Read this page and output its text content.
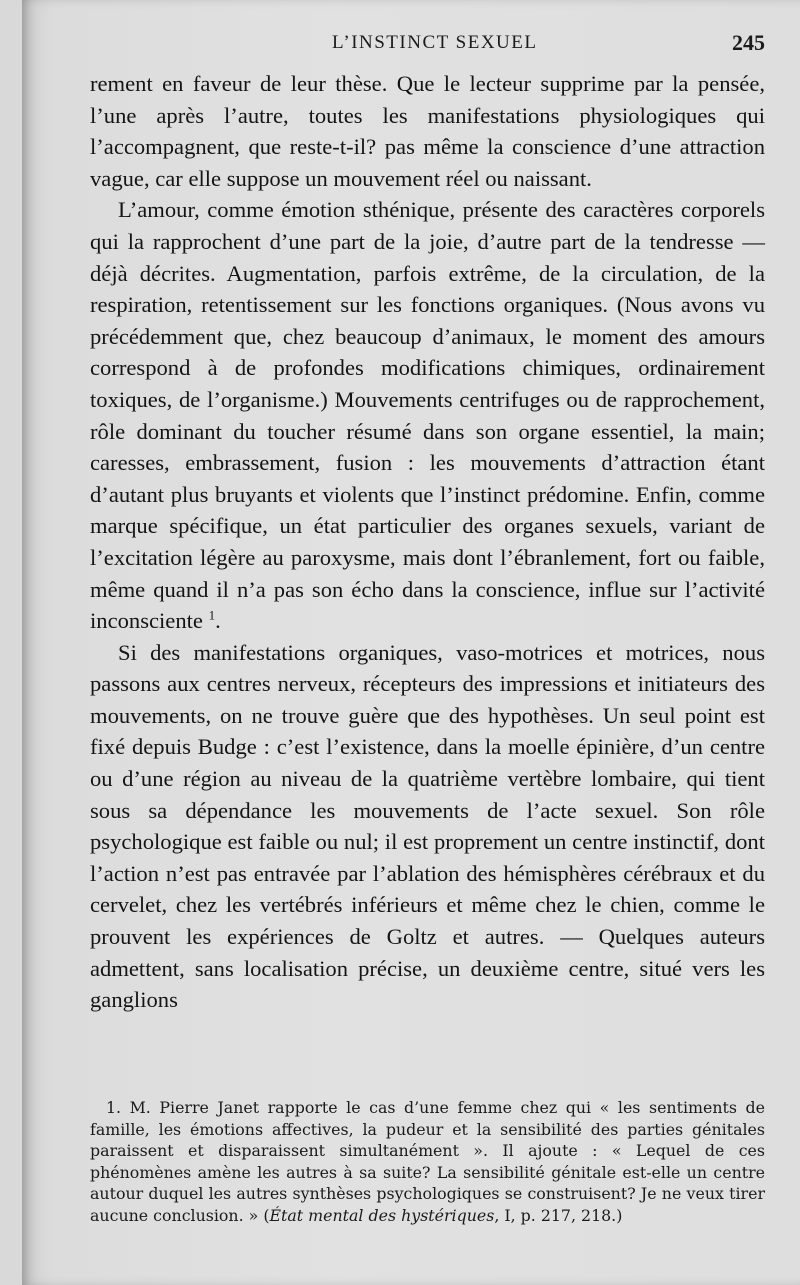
L’INSTINCT SEXUEL	245

rement en faveur de leur thèse. Que le lecteur supprime par la pensée, l’une après l’autre, toutes les manifestations physiologiques qui l’accompagnent, que reste-t-il? pas même la conscience d’une attraction vague, car elle suppose un mouvement réel ou naissant.

L’amour, comme émotion sthénique, présente des caractères corporels qui la rapprochent d’une part de la joie, d’autre part de la tendresse — déjà décrites. Augmentation, parfois extrême, de la circulation, de la respiration, retentissement sur les fonctions organiques. (Nous avons vu précédemment que, chez beaucoup d’animaux, le moment des amours correspond à de profondes modifications chimiques, ordinairement toxiques, de l’organisme.) Mouvements centrifuges ou de rapprochement, rôle dominant du toucher résumé dans son organe essentiel, la main; caresses, embrassement, fusion : les mouvements d’attraction étant d’autant plus bruyants et violents que l’instinct prédomine. Enfin, comme marque spécifique, un état particulier des organes sexuels, variant de l’excitation légère au paroxysme, mais dont l’ébranlement, fort ou faible, même quand il n’a pas son écho dans la conscience, influe sur l’activité inconsciente $^1$.

Si des manifestations organiques, vaso-motrices et motrices, nous passons aux centres nerveux, récepteurs des impressions et initiateurs des mouvements, on ne trouve guère que des hypothèses. Un seul point est fixé depuis Budge : c’est l’existence, dans la moelle épinière, d’un centre ou d’une région au niveau de la quatrième vertèbre lombaire, qui tient sous sa dépendance les mouvements de l’acte sexuel. Son rôle psychologique est faible ou nul; il est proprement un centre instinctif, dont l’action n’est pas entravée par l’ablation des hémisphères cérébraux et du cervelet, chez les vertébrés inférieurs et même chez le chien, comme le prouvent les expériences de Goltz et autres. — Quelques auteurs admettent, sans localisation précise, un deuxième centre, situé vers les ganglions

1. M. Pierre Janet rapporte le cas d’une femme chez qui « les sentiments de famille, les émotions affectives, la pudeur et la sensibilité des parties génitales paraissent et disparaissent simultanément ». Il ajoute : « Lequel de ces phénomènes amène les autres à sa suite? La sensibilité génitale est-elle un centre autour duquel les autres synthèses psychologiques se construisent? Je ne veux tirer aucune conclusion. » (État mental des hystériques, I, p. 217, 218.)
